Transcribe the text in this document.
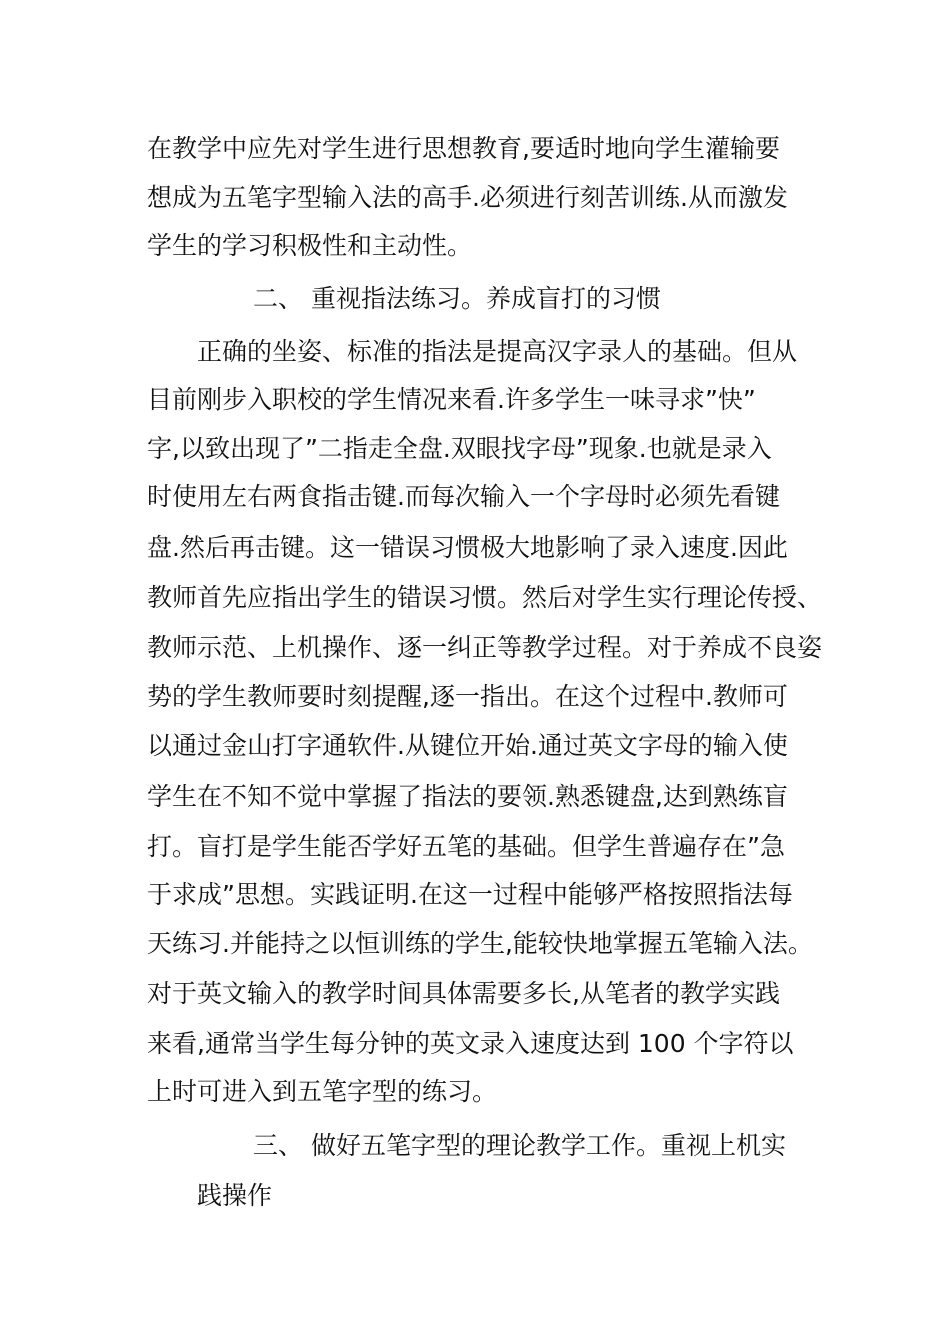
在教学中应先对学生进行思想教育,要适时地向学生灌输要
想成为五笔字型输入法的高手.必须进行刻苦训练.从而激发
学生的学习积极性和主动性。
二、 重视指法练习。养成盲打的习惯
正确的坐姿、标准的指法是提高汉字录人的基础。但从
目前刚步入职校的学生情况来看.许多学生一味寻求”快”
字,以致出现了”二指走全盘.双眼找字母”现象.也就是录入
时使用左右两食指击键.而每次输入一个字母时必须先看键
盘.然后再击键。这一错误习惯极大地影响了录入速度.因此
教师首先应指出学生的错误习惯。然后对学生实行理论传授、
教师示范、上机操作、逐一纠正等教学过程。对于养成不良姿
势的学生教师要时刻提醒,逐一指出。在这个过程中.教师可
以通过金山打字通软件.从键位开始.通过英文字母的输入使
学生在不知不觉中掌握了指法的要领.熟悉键盘,达到熟练盲
打。盲打是学生能否学好五笔的基础。但学生普遍存在”急
于求成”思想。实践证明.在这一过程中能够严格按照指法每
天练习.并能持之以恒训练的学生,能较快地掌握五笔输入法。
对于英文输入的教学时间具体需要多长,从笔者的教学实践
来看,通常当学生每分钟的英文录入速度达到 100 个字符以
上时可进入到五笔字型的练习。
三、 做好五笔字型的理论教学工作。重视上机实
践操作
